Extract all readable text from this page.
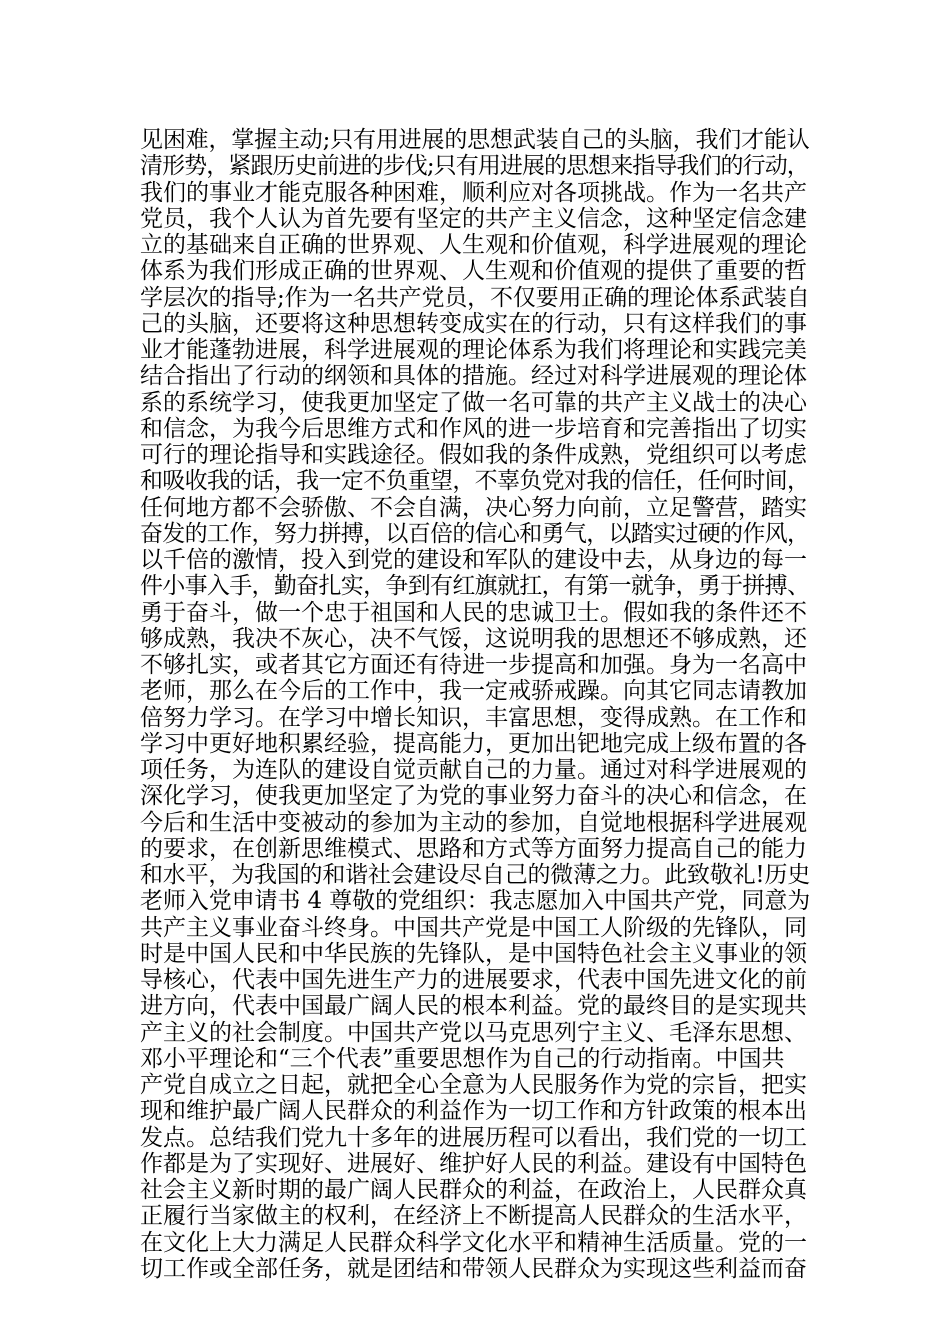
见困难，掌握主动;只有用进展的思想武装自己的头脑，我们才能认
清形势，紧跟历史前进的步伐;只有用进展的思想来指导我们的行动，
我们的事业才能克服各种困难，顺利应对各项挑战。作为一名共产
党员，我个人认为首先要有坚定的共产主义信念，这种坚定信念建
立的基础来自正确的世界观、人生观和价值观，科学进展观的理论
体系为我们形成正确的世界观、人生观和价值观的提供了重要的哲
学层次的指导;作为一名共产党员，不仅要用正确的理论体系武装自
己的头脑，还要将这种思想转变成实在的行动，只有这样我们的事
业才能蓬勃进展，科学进展观的理论体系为我们将理论和实践完美
结合指出了行动的纲领和具体的措施。经过对科学进展观的理论体
系的系统学习，使我更加坚定了做一名可靠的共产主义战士的决心
和信念，为我今后思维方式和作风的进一步培育和完善指出了切实
可行的理论指导和实践途径。假如我的条件成熟，党组织可以考虑
和吸收我的话，我一定不负重望，不辜负党对我的信任，任何时间，
任何地方都不会骄傲、不会自满，决心努力向前，立足警营，踏实
奋发的工作，努力拼搏，以百倍的信心和勇气，以踏实过硬的作风，
以千倍的激情，投入到党的建设和军队的建设中去，从身边的每一
件小事入手，勤奋扎实，争到有红旗就扛，有第一就争，勇于拼搏、
勇于奋斗，做一个忠于祖国和人民的忠诚卫士。假如我的条件还不
够成熟，我决不灰心，决不气馁，这说明我的思想还不够成熟，还
不够扎实，或者其它方面还有待进一步提高和加强。身为一名高中
老师，那么在今后的工作中，我一定戒骄戒躁。向其它同志请教加
倍努力学习。在学习中增长知识，丰富思想，变得成熟。在工作和
学习中更好地积累经验，提高能力，更加出钯地完成上级布置的各
项任务，为连队的建设自觉贡献自己的力量。通过对科学进展观的
深化学习，使我更加坚定了为党的事业努力奋斗的决心和信念，在
今后和生活中变被动的参加为主动的参加，自觉地根据科学进展观
的要求，在创新思维模式、思路和方式等方面努力提高自己的能力
和水平，为我国的和谐社会建设尽自己的微薄之力。此致敬礼!历史
老师入党申请书 4 尊敬的党组织：我志愿加入中国共产党，同意为
共产主义事业奋斗终身。中国共产党是中国工人阶级的先锋队，同
时是中国人民和中华民族的先锋队，是中国特色社会主义事业的领
导核心，代表中国先进生产力的进展要求，代表中国先进文化的前
进方向，代表中国最广阔人民的根本利益。党的最终目的是实现共
产主义的社会制度。中国共产党以马克思列宁主义、毛泽东思想、
邓小平理论和“三个代表”重要思想作为自己的行动指南。中国共
产党自成立之日起，就把全心全意为人民服务作为党的宗旨，把实
现和维护最广阔人民群众的利益作为一切工作和方针政策的根本出
发点。总结我们党九十多年的进展历程可以看出，我们党的一切工
作都是为了实现好、进展好、维护好人民的利益。建设有中国特色
社会主义新时期的最广阔人民群众的利益，在政治上，人民群众真
正履行当家做主的权利，在经济上不断提高人民群众的生活水平，
在文化上大力满足人民群众科学文化水平和精神生活质量。党的一
切工作或全部任务，就是团结和带领人民群众为实现这些利益而奋
